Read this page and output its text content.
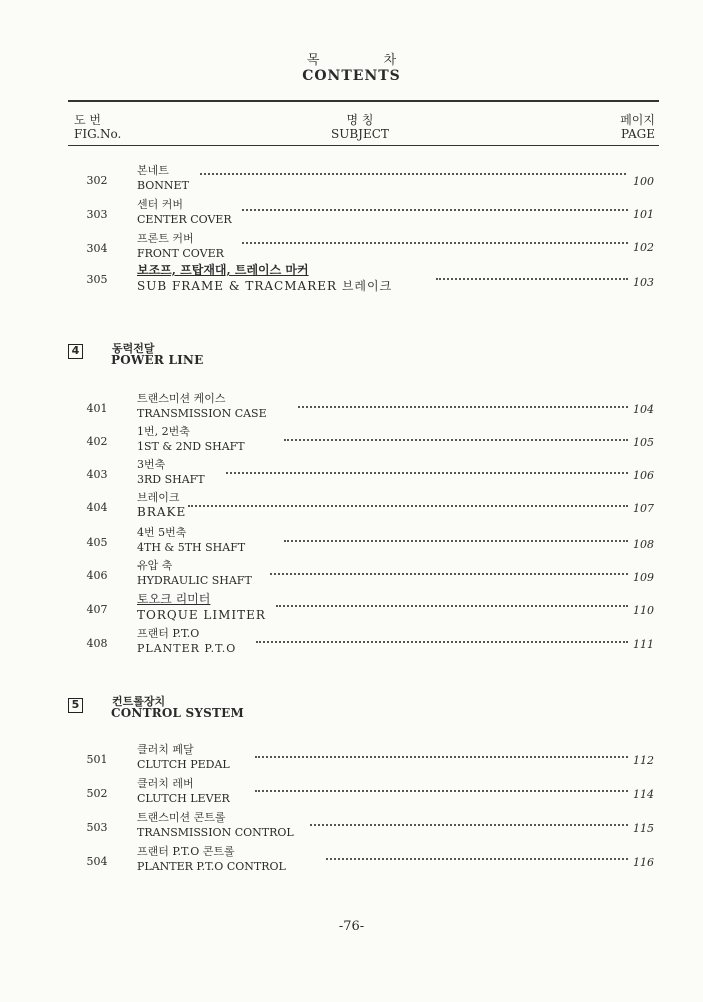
목 차
CONTENTS
도 번
FIG.No.
명 칭
SUBJECT
페이지
PAGE
302
본네트
BONNET	100
303
센터 커버
CENTER COVER	101
304
프론트 커버
FRONT COVER	102
305
보조프, 프탑재대, 트레이스 마커
SUB FRAME & TRACMARER 브레이크	103
4	동력전달
POWER LINE
401
트랜스미션 케이스
TRANSMISSION CASE	104
402
1번, 2번축
1ST & 2ND SHAFT	105
403
3번축
3RD SHAFT	106
404
브레이크
BRAKE	107
405
4번 5번축
4TH & 5TH SHAFT	108
406
유압 축
HYDRAULIC SHAFT	109
407
토오크 리미터
TORQUE LIMITER	110
408
프랜터 P.T.O
PLANTER P.T.O	111
5	컨트롤장치
CONTROL SYSTEM
501
클러치 페달
CLUTCH PEDAL	112
502
클러치 레버
CLUTCH LEVER	114
503
트랜스미션 콘트롤
TRANSMISSION CONTROL	115
504
프랜터 P.T.O 콘트롤
PLANTER P.T.O CONTROL	116
-76-
